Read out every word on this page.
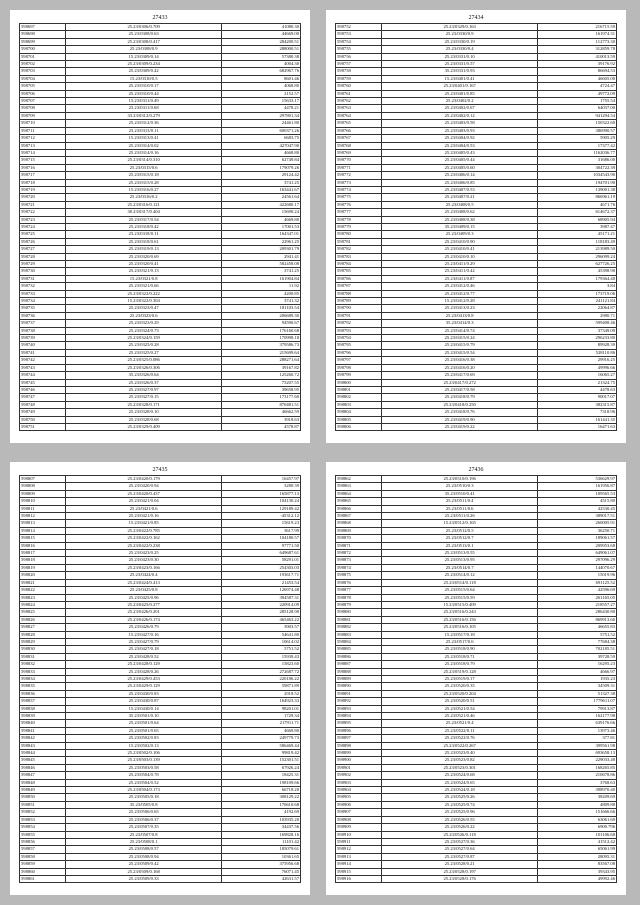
27433
598697	25.23/0306/0.709	41080.30
598698	25.23/0308/0.63	44669.00
598699	25.23/0308/0.417	284200.51
598700	25.23/0308/0.9	288000.51
598701	15.23/0309/0.14	57380.38
598702	25.23/0309/0.234	4004.30
598703	25.23/0309/0.42	682967.76
598704	15.23/0310/0.5	8601.46
598705	25.23/0310/0.17	4068.80
598706	25.23/0310/0.44	2152.57
598707	15.23/0311/0.49	15633.17
598708	25.23/0311/0.68	4478.21
598709	33.23/0312/0.279	297801.34
598710	25.23/0312/0.36	24461.80
598711	25.23/0313/0.11	600371.26
598712	15.23/0313/0.41	6683.75
598713	25.23/0314/0.02	427047.90
598714	25.23/0314/0.16	4668.80
598715	25.23/0314/0.310	62749.84
598716	25.23/0315/0.6	179079.26
598717	25.23/0315/0.18	29124.42
598718	25.23/0315/0.28	3741.25
598719	15.23/0316/0.27	163441.67
598720	25.23/0316/0.2	24561.64
598721	25.23/0316/0.121	422680.17
598722	30.23/0317/0.404	15690.24
598723	25.23/0317/0.54	4669.80
598724	25.23/0318/0.42	17001.53
598725	25.23/0318/0.11	164347.01
598726	25.23/0318/0.61	22961.25
598727	25.23/0319/0.13	209301.79
598728	25.23/0320/0.69	2941.41
598729	25.23/0320/0.41	582458.08
598730	25.23/0321/0.13	3741.25
598731	15.23/0321/0.8	161904.84
598732	25.23/0321/0.66	11.92
598733	25.23/0322/0.222	4200.85
598734	15.23/0322/0.304	3741.32
598735	25.23/0323/0.47	181103.54
598736	25.23/0323/0.6	206689.30
598737	25.23/0323/0.29	94590.67
598738	25.23/0324/0.73	176160.68
598739	25.23/0324/0.159	170998.18
598740	25.23/0325/0.28	379586.73
598741	25.23/0325/0.27	215699.64
598742	25.23/0325/0.086	288271.64
598743	25.23/0326/0.306	39167.82
598744	35.23/0326/0.64	125260.72
598745	25.23/0326/0.37	75207.55
598746	25.23/0327/0.97	39658.95
598747	25.23/0327/0.15	173177.60
598748	25.23/0328/0.171	870481.51
598749	25.23/0328/0.10	46662.59
598750	25.23/0328/0.68	3918.63
598751	25.23/0329/0.409	4578.87
27434
598752	25.23/0329/0.163	216715.59
598753	25.23/0330/0.9	161974.31
598754	25.23/0330/0.19	112773.30
598755	25.23/0330/0.4	312859.78
598756	25.23/0331/0.10	410013.59
598757	25.23/0331/0.57	39176.92
598758	35.23/0331/0.93	86694.53
598759	15.23/0401/0.41	46605.00
598760	25.23/0401/0.167	4724.47
598761	25.23/0401/0.85	49772.09
598762	25.23/0402/0.2	1755.54
598763	25.23/0402/0.67	64037.00
598764	25.23/0402/0.12	941294.54
598765	25.23/0403/0.58	150322.60
598766	25.23/0403/0.93	386990.57
598767	25.23/0404/0.92	5905.29
598768	25.23/0404/0.53	17377.42
598769	25.23/0405/0.43	1162036.77
598770	25.23/0405/0.44	31686.00
598771	25.23/0405/0.60	304722.39
598772	25.23/0406/0.14	1034543.90
598773	25.23/0406/0.85	194701.90
598774	25.23/0407/0.53	139001.38
598775	25.23/0407/0.21	866961.19
598776	25.23/0408/0.5	4671.76
598777	25.23/0408/0.62	614672.37
598778	25.23/0408/0.38	68905.94
598779	35.23/0409/0.15	3987.47
598780	25.23/0409/0.3	45171.21
598781	25.23/0410/0.90	118183.49
598782	25.23/0410/0.41	213989.50
598783	25.23/0410/0.10	296099.24
598784	25.23/0411/0.29	627726.25
598785	25.23/0411/0.42	45398.90
598786	25.23/0411/0.87	179364.40
598787	25.23/0412/0.46	3.84
598788	25.23/0412/0.77	173719.06
598789	15.23/0412/0.28	241121.84
598790	25.23/0413/0.23	22064.87
598791	25.23/0413/0.8	2980.71
598792	35.23/0414/0.3	599408.46
598793	25.23/0414/0.74	37349.09
598794	25.23/0415/0.24	296233.80
598795	25.23/0415/0.79	89928.39
598796	25.23/0415/0.54	528110.86
598797	25.23/0416/0.38	29916.25
598798	25.23/0416/0.20	49996.66
598799	25.23/0417/0.69	16065.27
598800	25.23/0417/0.272	21324.75
598801	25.23/0417/0.58	4478.63
598802	25.23/0418/0.79	90017.07
598803	25.23/0418/0.250	382315.87
598804	25.23/0418/0.76	7318.96
598805	25.23/0419/0.90	161441.35
598806	25.23/0419/0.22	16471.63
27435
598807	25.23/0420/0.179	16457.97
598808	25.23/0420/0.94	3280.39
598809	25.23/0420/0.437	165877.13
598810	25.23/0421/0.04	104130.24
598811	25.23/0421/0.6	129189.42
598812	25.23/0421/0.16	-45312.12
598813	15.23/0421/0.85	15619.23
598814	25.23/0422/0.785	3617.99
598815	25.23/0422/0.162	104180.57
598816	25.23/0422/0.238	97771.50
598817	25.23/0423/0.25	649687.61
598818	25.23/0423/0.30	58291.01
598819	25.23/0423/0.166	254303.03
598820	25.23/0424/0.4	193617.71
598821	25.23/0424/0.413	21453.54
598822	25.23/0425/0.8	126974.48
598823	25.23/0425/0.96	394587.31
598824	25.23/0425/0.277	220914.09
598825	25.23/0426/0.201	285128.90
598826	25.23/0426/0.174	465463.22
598827	25.23/0426/0.79	3903.57
598828	15.23/0427/0.16	54641.80
598829	25.23/0427/0.79	10614.02
598830	25.23/0427/0.18	5751.52
598831	25.23/0428/0.52	15939.43
598832	25.23/0428/0.129	15823.60
598833	25.23/0428/0.26	272687.72
598834	25.23/0429/0.453	220186.22
598835	25.23/0429/0.129	59871.89
598836	25.23/0430/0.83	2918.52
598837	25.23/0430/0.87	164923.33
598838	15.23/0430/0.14	98201.01
598839	35.23/0501/0.10	1729.34
598840	25.23/0501/0.64	217911.71
598841	25.23/0501/0.65	4669.80
598842	25.23/0502/0.83	249779.73
598843	15.23/0502/0.13	586469.44
598844	25.23/0502/0.106	99819.42
598845	25.23/0503/0.139	152301.51
598846	25.23/0503/0.58	67926.24
598847	25.23/0504/0.78	18425.31
598848	25.23/0504/0.52	198109.66
598849	25.23/0504/0.173	66718.20
598850	25.23/0505/0.18	308129.22
598851	35.23/0505/0.8	176610.68
598852	25.23/0506/0.65	4192.69
598853	25.23/0506/0.37	103935.20
598854	25.23/0507/0.35	34437.56
598855	25.23/0507/0.8	169828.16
598856	25.23/0508/0.1	11101.42
598857	25.23/0508/0.57	185079.61
598858	25.23/0508/0.94	10361.65
598859	25.23/0509/0.42	375956.68
598860	25.23/0509/0.168	76071.45
598861	25.23/0509/0.33	42631.57
27436
598862	25.23/0510/0.196	536629.97
598863	25.23/0510/0.3	161956.87
598864	35.23/0510/0.41	109565.53
598865	25.23/0511/0.4	4515.80
598866	25.23/0511/0.6	42530.45
598867	25.23/0511/0.26	389017.51
598868	15.23/0512/0.165	260005.91
598869	25.23/0512/0.5	36250.71
598870	25.23/0512/0.7	189061.57
598871	25.23/0513/0.1	209953.68
598872	25.23/0513/0.55	649061.07
598873	25.23/0513/0.95	297096.29
598874	25.23/0514/0.7	144070.67
598875	25.23/0514/0.12	15019.96
598876	25.23/0514/0.118	691125.52
598877	25.23/0515/0.64	42596.69
598878	25.23/0515/0.59	261165.05
598879	15.23/0515/0.409	218557.27
598880	25.23/0516/0.243	286430.80
598881	25.23/0516/0.156	869913.60
598882	25.23/0516/0.105	46655.83
598883	15.23/0517/0.18	5751.52
598884	25.23/0517/0.6	77684.38
598885	25.23/0518/0.90	702185.51
598886	25.23/0518/0.71	39728.59
598887	25.23/0518/0.79	16295.23
598888	25.23/0519/0.128	4666.97
598889	25.23/0519/0.17	1935.23
598890	25.23/0520/0.35	34509.31
598891	25.23/0520/0.204	51327.38
598892	25.23/0520/0.51	1779611.07
598893	25.23/0521/0.54	79913.87
598894	25.23/0521/0.46	162177.98
598895	25.23/0521/0.4	639176.66
598896	25.23/0522/0.11	13973.46
598897	25.23/0522/0.76	377.81
598898	25.23/0522/0.267	399561.98
598899	25.23/0523/0.40	693658.13
598900	25.23/0523/0.82	229033.48
598901	25.23/0523/0.301	168265.85
598902	25.23/0524/0.68	210678.86
598903	25.23/0524/0.65	3768.63
598904	25.23/0524/0.18	398970.40
598905	25.23/0525/0.26	38209.69
598906	25.23/0525/0.74	4809.88
598907	25.23/0525/0.96	151666.66
598908	25.23/0526/0.55	63061.69
598909	25.23/0526/0.22	6900.796
598910	25.23/0526/0.118	101106.68
598911	25.23/0527/0.36	41512.42
598912	25.23/0527/0.64	65061.99
598913	25.23/0527/0.87	28095.31
598914	25.23/0528/0.21	83567.08
598915	25.23/0528/0.197	39343.95
598916	25.23/0528/0.176	49992.46
